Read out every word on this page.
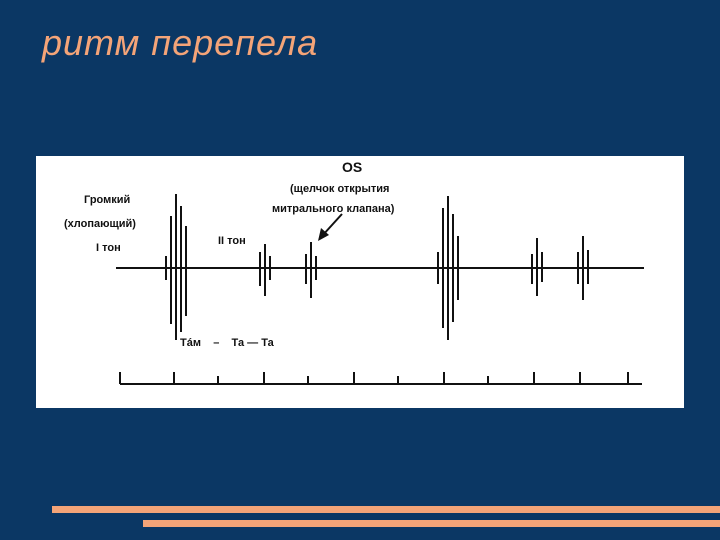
ритм перепела
Громкий
(хлопающий)
I тон
II тон
OS
(щелчок открытия
митрального клапана)
Тáм    –    Та — Та
